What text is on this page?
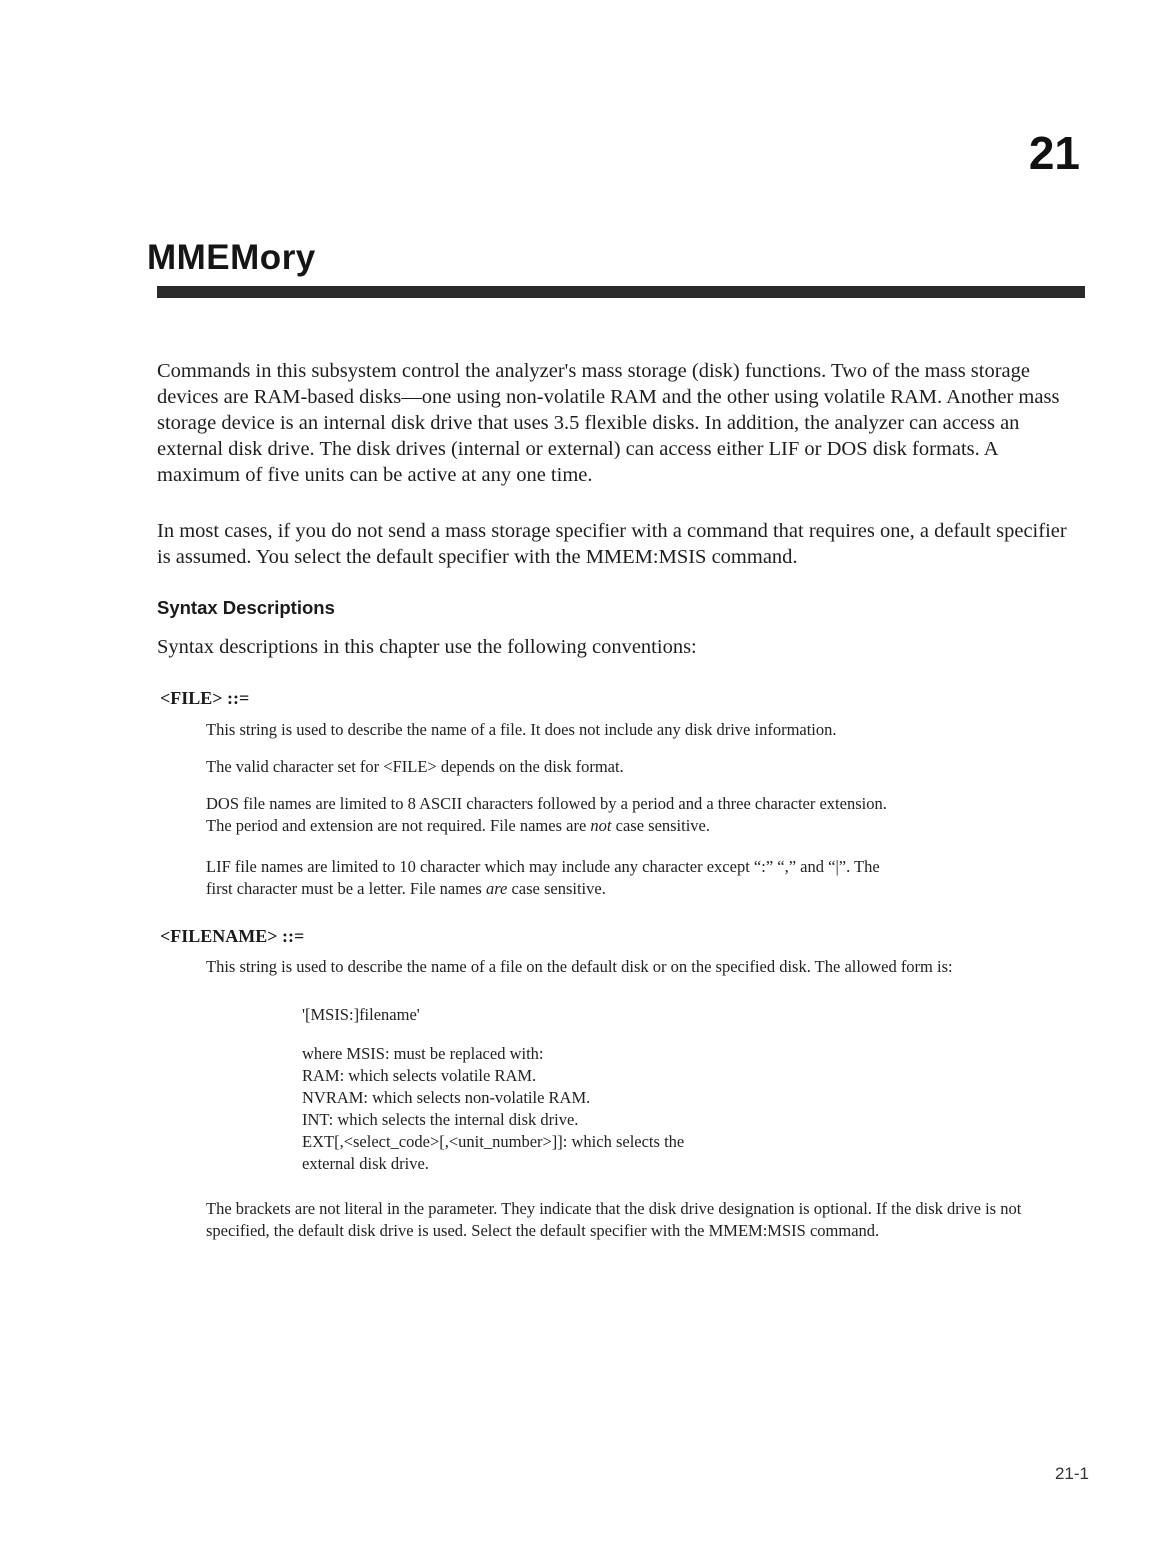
21
MMEMory

Commands in this subsystem control the analyzer's mass storage (disk) functions. Two of the mass storage devices are RAM-based disks—one using non-volatile RAM and the other using volatile RAM. Another mass storage device is an internal disk drive that uses 3.5 flexible disks. In addition, the analyzer can access an external disk drive. The disk drives (internal or external) can access either LIF or DOS disk formats. A maximum of five units can be active at any one time.

In most cases, if you do not send a mass storage specifier with a command that requires one, a default specifier is assumed. You select the default specifier with the MMEM:MSIS command.

Syntax Descriptions

Syntax descriptions in this chapter use the following conventions:

<FILE> ::=
This string is used to describe the name of a file. It does not include any disk drive information.
The valid character set for <FILE> depends on the disk format.

DOS file names are limited to 8 ASCII characters followed by a period and a three character extension.

The period and extension are not required. File names are not case sensitive.

LIF file names are limited to 10 character which may include any character except “:” “,” and “|”. The

first character must be a letter. File names are case sensitive.

<FILENAME> ::=
This string is used to describe the name of a file on the default disk or on the specified disk. The allowed form is:
'[MSIS:]filename'
where MSIS: must be replaced with:
RAM: which selects volatile RAM.
NVRAM: which selects non-volatile RAM.
INT: which selects the internal disk drive.
EXT[,<select_code>[,<unit_number>]]: which selects the
external disk drive.
The brackets are not literal in the parameter. They indicate that the disk drive designation is optional. If the disk drive is not specified, the default disk drive is used. Select the default specifier with the MMEM:MSIS command.
21-1
